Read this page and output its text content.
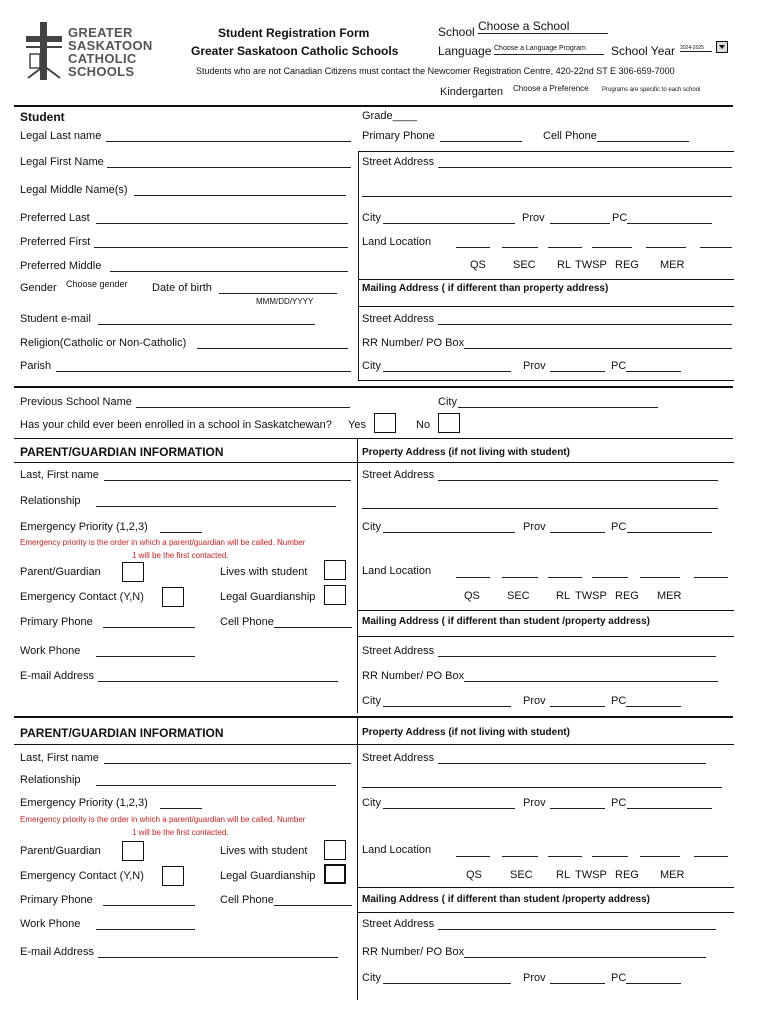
GREATER
SASKATOON
CATHOLIC
SCHOOLS
Student Registration Form
Greater Saskatoon Catholic Schools
School Choose a School
Language Choose a Language Program	School Year 2024-2025
Students who are not Canadian Citizens must contact the Newcomer Registration Centre, 420-22nd ST E 306-659-7000
Kindergarten Choose a Preference Programs are specific to each school
Student
Legal Last name
Legal First Name
Legal Middle Name(s)
Preferred Last
Preferred First
Preferred Middle
Gender Choose gender Date of birth
MMM/DD/YYYY
Student e-mail
Religion(Catholic or Non-Catholic)
Parish
Grade____
Primary Phone	Cell Phone
Street Address
City	Prov	PC
Land Location
QS SEC RL TWSP REG MER
Mailing Address ( if different than property address)
Street Address
RR Number/ PO Box
City	Prov	PC
Previous School Name	City
Has your child ever been enrolled in a school in Saskatchewan? Yes	No
PARENT/GUARDIAN INFORMATION
Last, First name
Relationship
Emergency Priority (1,2,3)
Emergency priority is the order in which a parent/guardian will be called. Number
1 will be the first contacted.
Parent/Guardian	Lives with student
Emergency Contact (Y,N)	Legal Guardianship
Primary Phone	Cell Phone
Work Phone
E-mail Address
Property Address (if not living with student)
Street Address
City	Prov	PC
Land Location
QS SEC RL TWSP REG MER
Mailing Address ( if different than student /property address)
Street Address
RR Number/ PO Box
City	Prov	PC
PARENT/GUARDIAN INFORMATION
Last, First name
Relationship
Emergency Priority (1,2,3)
Emergency priority is the order in which a parent/guardian will be called. Number
1 will be the first contacted.
Parent/Guardian	Lives with student
Emergency Contact (Y,N)	Legal Guardianship
Primary Phone	Cell Phone
Work Phone
E-mail Address
Property Address (if not living with student)
Street Address
City	Prov	PC
Land Location
QS	SEC RL TWSP REG MER
Mailing Address ( if different than student /property address)
Street Address
RR Number/ PO Box
City	Prov	PC
